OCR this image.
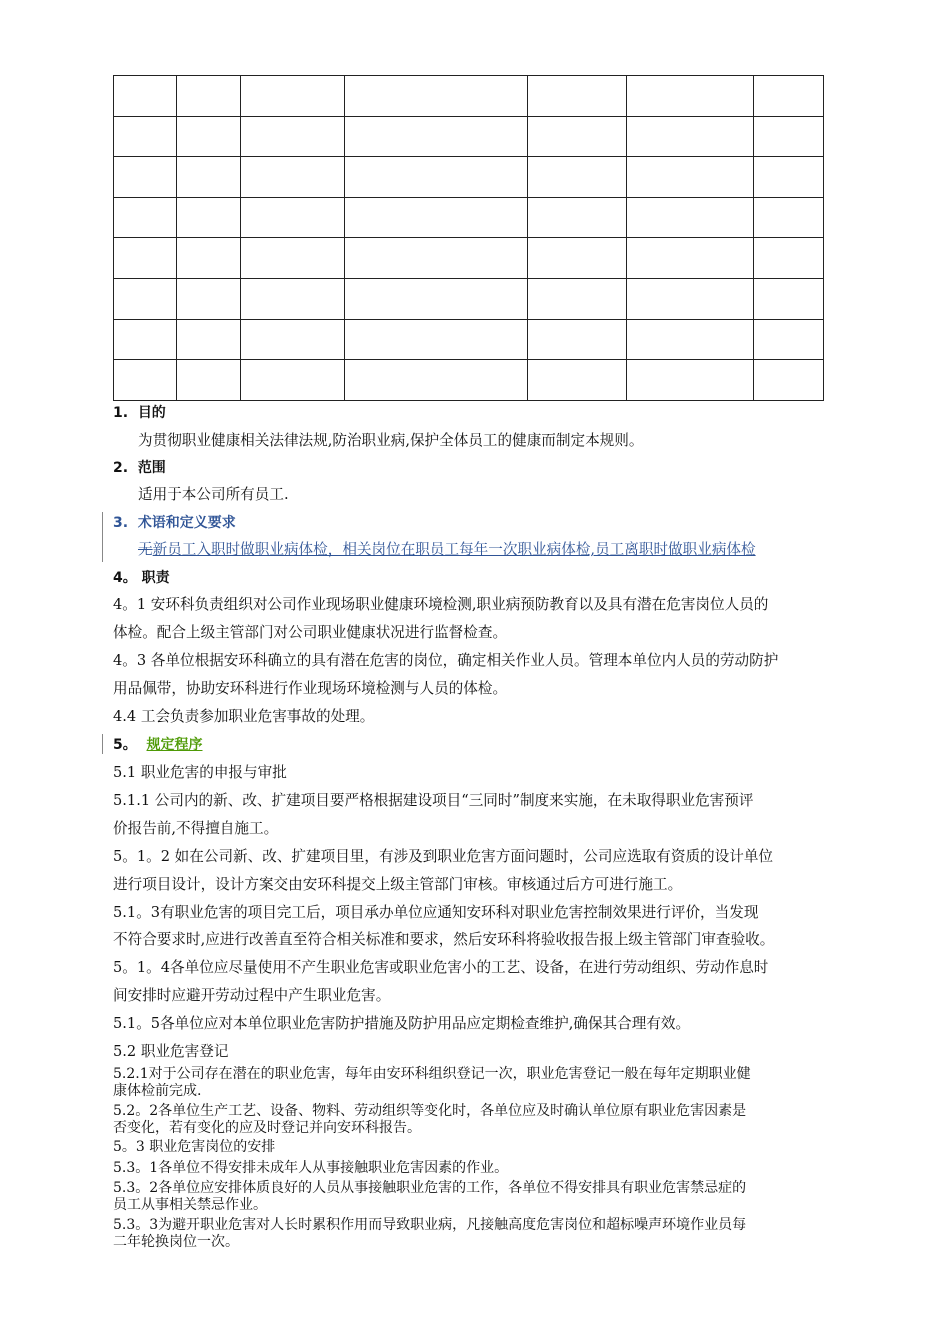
1. 目的
为贯彻职业健康相关法律法规,防治职业病,保护全体员工的健康而制定本规则。
2. 范围
适用于本公司所有员工.
3. 术语和定义要求
无新员工入职时做职业病体检，相关岗位在职员工每年一次职业病体检,员工离职时做职业病体检
4。 职责
4。1 安环科负责组织对公司作业现场职业健康环境检测,职业病预防教育以及具有潜在危害岗位人员的
体检。配合上级主管部门对公司职业健康状况进行监督检查。
4。3 各单位根据安环科确立的具有潜在危害的岗位，确定相关作业人员。管理本单位内人员的劳动防护
用品佩带，协助安环科进行作业现场环境检测与人员的体检。
4.4 工会负责参加职业危害事故的处理。
5。 规定程序
5.1 职业危害的申报与审批
5.1.1 公司内的新、改、扩建项目要严格根据建设项目“三同时”制度来实施，在未取得职业危害预评
价报告前,不得擅自施工。
5。1。2 如在公司新、改、扩建项目里，有涉及到职业危害方面问题时，公司应选取有资质的设计单位
进行项目设计，设计方案交由安环科提交上级主管部门审核。审核通过后方可进行施工。
5.1。3有职业危害的项目完工后，项目承办单位应通知安环科对职业危害控制效果进行评价，当发现
不符合要求时,应进行改善直至符合相关标准和要求，然后安环科将验收报告报上级主管部门审查验收。
5。1。4各单位应尽量使用不产生职业危害或职业危害小的工艺、设备，在进行劳动组织、劳动作息时
间安排时应避开劳动过程中产生职业危害。
5.1。5各单位应对本单位职业危害防护措施及防护用品应定期检查维护,确保其合理有效。
5.2 职业危害登记
5.2.1对于公司存在潜在的职业危害，每年由安环科组织登记一次，职业危害登记一般在每年定期职业健
康体检前完成.
5.2。2各单位生产工艺、设备、物料、劳动组织等变化时，各单位应及时确认单位原有职业危害因素是
否变化，若有变化的应及时登记并向安环科报告。
5。3 职业危害岗位的安排
5.3。1各单位不得安排未成年人从事接触职业危害因素的作业。
5.3。2各单位应安排体质良好的人员从事接触职业危害的工作，各单位不得安排具有职业危害禁忌症的
员工从事相关禁忌作业。
5.3。3为避开职业危害对人长时累积作用而导致职业病，凡接触高度危害岗位和超标噪声环境作业员每
二年轮换岗位一次。
